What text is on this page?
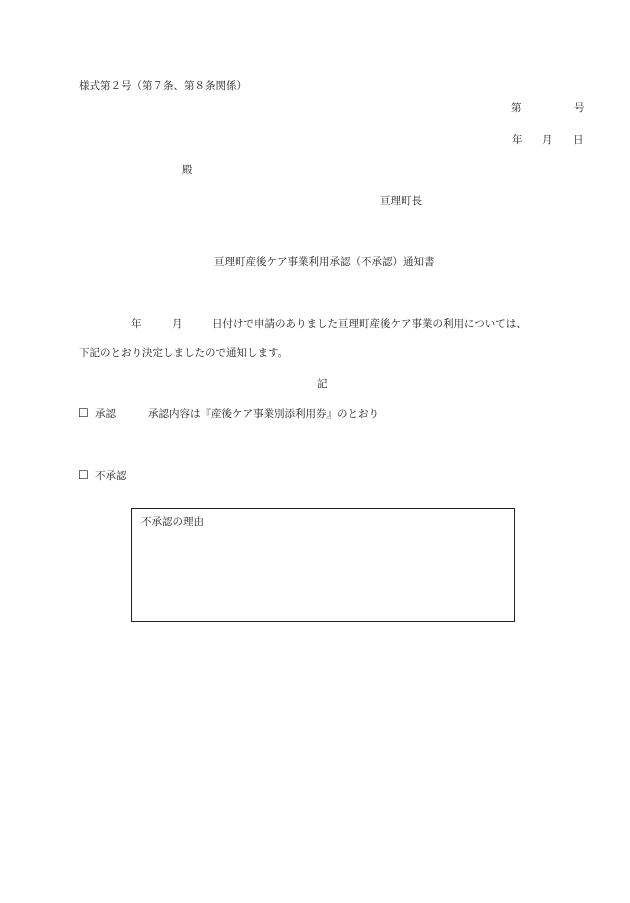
様式第２号（第７条、第８条関係）
第	号
年 月 日
殿
亘理町長
亘理町産後ケア事業利用承認（不承認）通知書
年	月	日付けで申請のありました亘理町産後ケア事業の利用については、
下記のとおり決定しましたので通知します。
記
☐ 承認	承認内容は『産後ケア事業別添利用券』のとおり
☐ 不承認
不承認の理由
